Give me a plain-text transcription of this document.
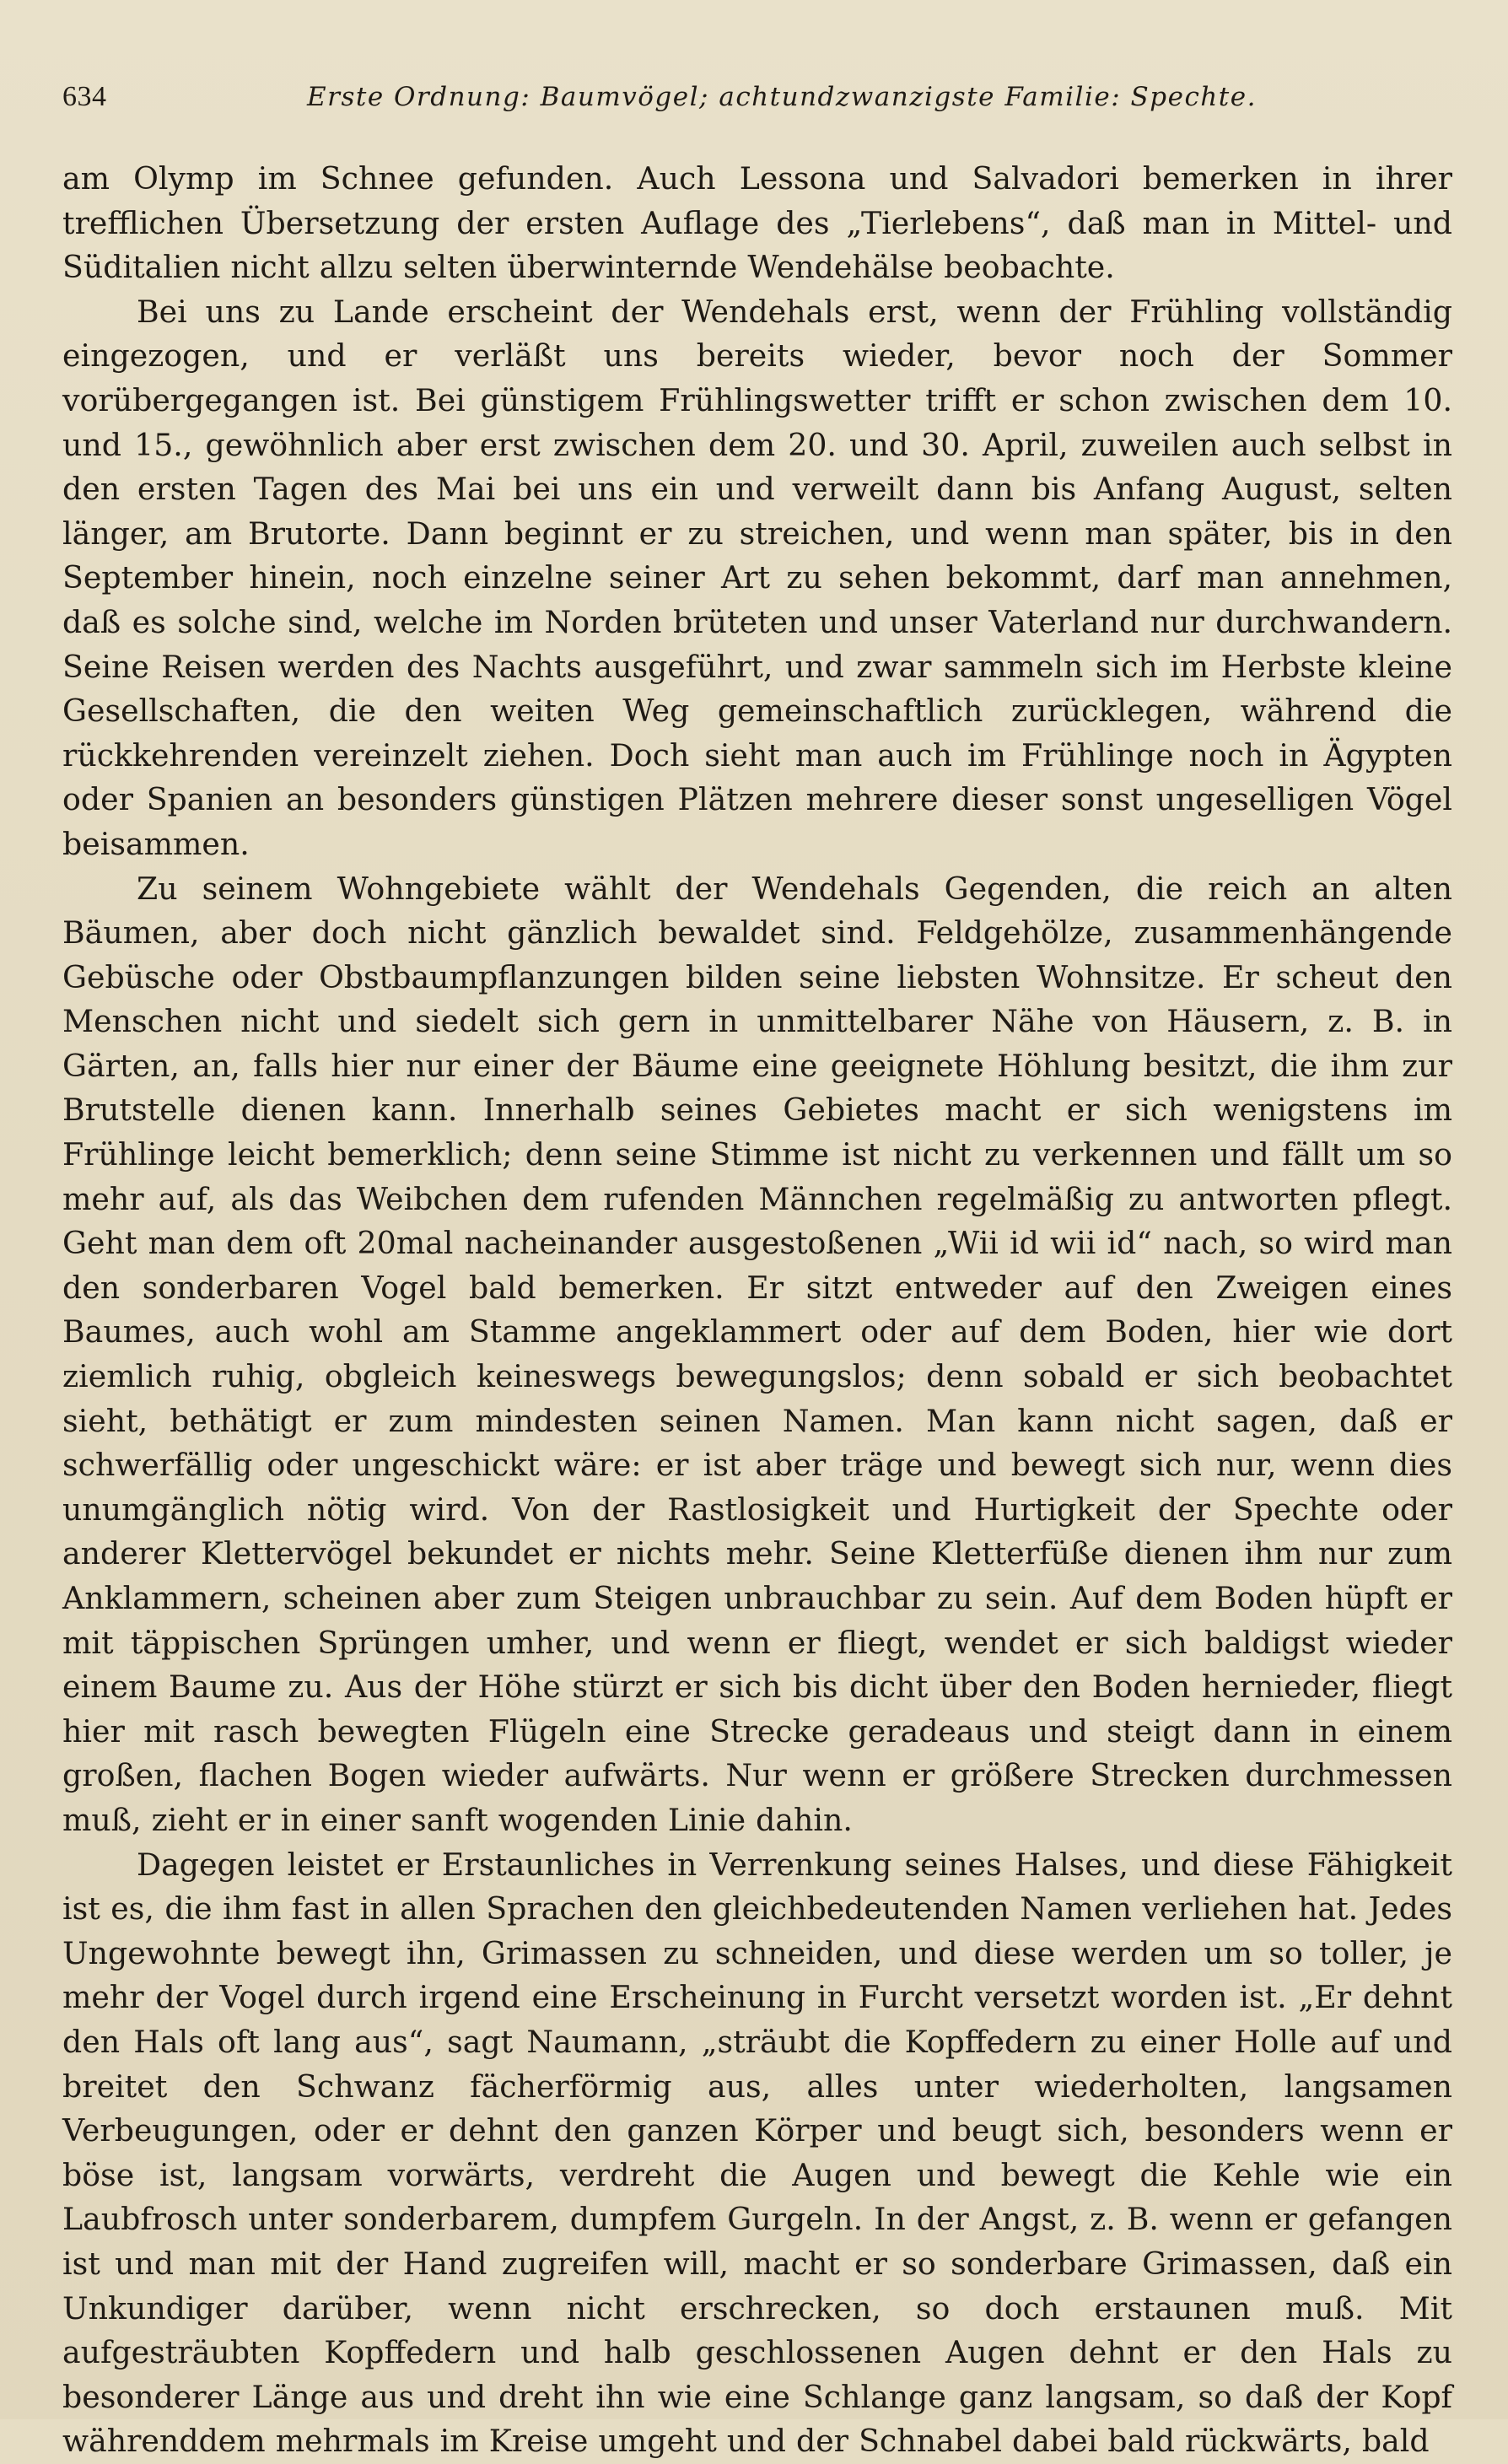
634	Erste Ordnung: Baumvögel; achtundzwanzigste Familie: Spechte.

am Olymp im Schnee gefunden. Auch Lessona und Salvadori bemerken in ihrer trefflichen Übersetzung der ersten Auflage des „Tierlebens“, daß man in Mittel- und Süditalien nicht allzu selten überwinternde Wendehälse beobachte.

Bei uns zu Lande erscheint der Wendehals erst, wenn der Frühling vollständig eingezogen, und er verläßt uns bereits wieder, bevor noch der Sommer vorübergegangen ist. Bei günstigem Frühlingswetter trifft er schon zwischen dem 10. und 15., gewöhnlich aber erst zwischen dem 20. und 30. April, zuweilen auch selbst in den ersten Tagen des Mai bei uns ein und verweilt dann bis Anfang August, selten länger, am Brutorte. Dann beginnt er zu streichen, und wenn man später, bis in den September hinein, noch einzelne seiner Art zu sehen bekommt, darf man annehmen, daß es solche sind, welche im Norden brüteten und unser Vaterland nur durchwandern. Seine Reisen werden des Nachts ausgeführt, und zwar sammeln sich im Herbste kleine Gesellschaften, die den weiten Weg gemeinschaftlich zurücklegen, während die rückkehrenden vereinzelt ziehen. Doch sieht man auch im Frühlinge noch in Ägypten oder Spanien an besonders günstigen Plätzen mehrere dieser sonst ungeselligen Vögel beisammen.

Zu seinem Wohngebiete wählt der Wendehals Gegenden, die reich an alten Bäumen, aber doch nicht gänzlich bewaldet sind. Feldgehölze, zusammenhängende Gebüsche oder Obstbaumpflanzungen bilden seine liebsten Wohnsitze. Er scheut den Menschen nicht und siedelt sich gern in unmittelbarer Nähe von Häusern, z. B. in Gärten, an, falls hier nur einer der Bäume eine geeignete Höhlung besitzt, die ihm zur Brutstelle dienen kann. Innerhalb seines Gebietes macht er sich wenigstens im Frühlinge leicht bemerklich; denn seine Stimme ist nicht zu verkennen und fällt um so mehr auf, als das Weibchen dem rufenden Männchen regelmäßig zu antworten pflegt. Geht man dem oft 20mal nacheinander ausgestoßenen „Wii id wii id“ nach, so wird man den sonderbaren Vogel bald bemerken. Er sitzt entweder auf den Zweigen eines Baumes, auch wohl am Stamme angeklammert oder auf dem Boden, hier wie dort ziemlich ruhig, obgleich keineswegs bewegungslos; denn sobald er sich beobachtet sieht, bethätigt er zum mindesten seinen Namen. Man kann nicht sagen, daß er schwerfällig oder ungeschickt wäre: er ist aber träge und bewegt sich nur, wenn dies unumgänglich nötig wird. Von der Rastlosigkeit und Hurtigkeit der Spechte oder anderer Klettervögel bekundet er nichts mehr. Seine Kletterfüße dienen ihm nur zum Anklammern, scheinen aber zum Steigen unbrauchbar zu sein. Auf dem Boden hüpft er mit täppischen Sprüngen umher, und wenn er fliegt, wendet er sich baldigst wieder einem Baume zu. Aus der Höhe stürzt er sich bis dicht über den Boden hernieder, fliegt hier mit rasch bewegten Flügeln eine Strecke geradeaus und steigt dann in einem großen, flachen Bogen wieder aufwärts. Nur wenn er größere Strecken durchmessen muß, zieht er in einer sanft wogenden Linie dahin.

Dagegen leistet er Erstaunliches in Verrenkung seines Halses, und diese Fähigkeit ist es, die ihm fast in allen Sprachen den gleichbedeutenden Namen verliehen hat. Jedes Ungewohnte bewegt ihn, Grimassen zu schneiden, und diese werden um so toller, je mehr der Vogel durch irgend eine Erscheinung in Furcht versetzt worden ist. „Er dehnt den Hals oft lang aus“, sagt Naumann, „sträubt die Kopffedern zu einer Holle auf und breitet den Schwanz fächerförmig aus, alles unter wiederholten, langsamen Verbeugungen, oder er dehnt den ganzen Körper und beugt sich, besonders wenn er böse ist, langsam vorwärts, verdreht die Augen und bewegt die Kehle wie ein Laubfrosch unter sonderbarem, dumpfem Gurgeln. In der Angst, z. B. wenn er gefangen ist und man mit der Hand zugreifen will, macht er so sonderbare Grimassen, daß ein Unkundiger darüber, wenn nicht erschrecken, so doch erstaunen muß. Mit aufgesträubten Kopffedern und halb geschlossenen Augen dehnt er den Hals zu besonderer Länge aus und dreht ihn wie eine Schlange ganz langsam, so daß der Kopf währenddem mehrmals im Kreise umgeht und der Schnabel dabei bald rückwärts, bald
